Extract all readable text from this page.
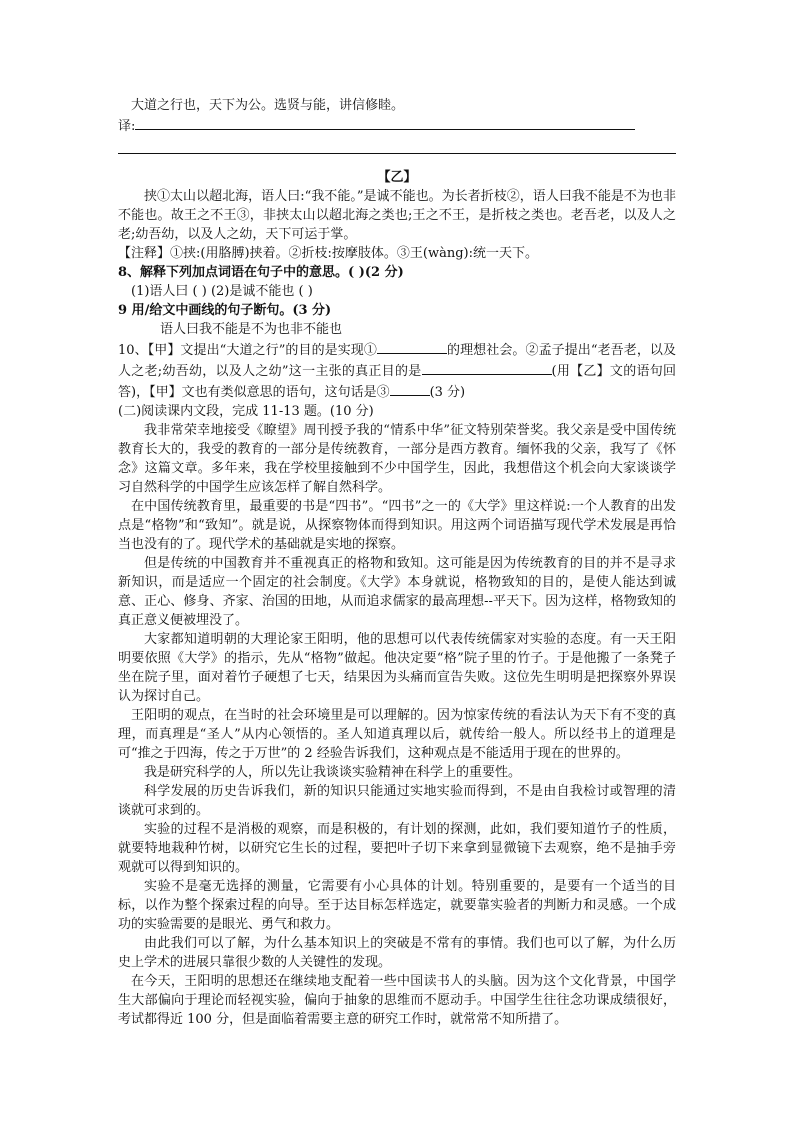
大道之行也，天下为公。选贤与能，讲信修睦。

译:

【乙】

挟①太山以超北海，语人曰:“我不能。”是诚不能也。为长者折枝②，语人曰我不能是不为也非不能也。故王之不王③，非挟太山以超北海之类也;王之不王，是折枝之类也。老吾老，以及人之老;幼吾幼，以及人之幼，天下可运于掌。

【注释】①挟:(用胳膊)挟着。②折枝:按摩肢体。③王(wàng):统一天下。

8、解释下列加点词语在句子中的意思。( )(2 分)

(1)语人曰 ( ) (2)是诚不能也 ( )

9 用/给文中画线的句子断句。(3 分)

语人曰我不能是不为也非不能也

10、【甲】文提出“大道之行”的目的是实现①	的理想社会。②孟子提出“老吾老，以及人之老;幼吾幼，以及人之幼”这一主张的真正目的是	(用【乙】文的语句回答)，【甲】文也有类似意思的语句，这句话是③	(3 分)

(二)阅读课内文段，完成 11-13 题。(10 分)

我非常荣幸地接受《瞭望》周刊授予我的“情系中华”征文特别荣誉奖。我父亲是受中国传统教育长大的，我受的教育的一部分是传统教育，一部分是西方教育。缅怀我的父亲，我写了《怀念》这篇文章。多年来，我在学校里接触到不少中国学生，因此，我想借这个机会向大家谈谈学习自然科学的中国学生应该怎样了解自然科学。

在中国传统教育里，最重要的书是“四书”。“四书”之一的《大学》里这样说:一个人教育的出发点是“格物”和“致知”。就是说，从探察物体而得到知识。用这两个词语描写现代学术发展是再恰当也没有的了。现代学术的基础就是实地的探察。

但是传统的中国教育并不重视真正的格物和致知。这可能是因为传统教育的目的并不是寻求新知识，而是适应一个固定的社会制度。《大学》本身就说，格物致知的目的，是使人能达到诚意、正心、修身、齐家、治国的田地，从而追求儒家的最高理想--平天下。因为这样，格物致知的真正意义便被埋没了。

大家都知道明朝的大理论家王阳明，他的思想可以代表传统儒家对实验的态度。有一天王阳明要依照《大学》的指示，先从“格物”做起。他决定要“格”院子里的竹子。于是他搬了一条凳子坐在院子里，面对着竹子硬想了七天，结果因为头痛而宣告失败。这位先生明明是把探察外界误认为探讨自己。

王阳明的观点，在当时的社会环境里是可以理解的。因为惊家传统的看法认为天下有不变的真理，而真理是“圣人”从内心领悟的。圣人知道真理以后，就传给一般人。所以经书上的道理是可“推之于四海，传之于万世”的 2 经验告诉我们，这种观点是不能适用于现在的世界的。

我是研究科学的人，所以先让我谈谈实验精神在科学上的重要性。

科学发展的历史告诉我们，新的知识只能通过实地实验而得到，不是由自我检讨或智理的清谈就可求到的。

实验的过程不是消极的观察，而是积极的，有计划的探测，此如，我们要知道竹子的性质，就要特地栽种竹树，以研究它生长的过程，要把叶子切下来拿到显微镜下去观察，绝不是抽手旁观就可以得到知识的。

实验不是毫无选择的测量，它需要有小心具体的计划。特别重要的，是要有一个适当的目标，以作为整个探索过程的向导。至于达目标怎样选定，就要靠实验者的判断力和灵感。一个成功的实验需要的是眼光、勇气和救力。

由此我们可以了解，为什么基本知识上的突破是不常有的事情。我们也可以了解，为什么历史上学术的进展只靠很少数的人关键性的发现。

在今天，王阳明的思想还在继续地支配着一些中国读书人的头脑。因为这个文化背景，中国学生大部偏向于理论而轻视实验，偏向于抽象的思维而不愿动手。中国学生往往念功课成绩很好，考试都得近 100 分，但是面临着需要主意的研究工作时，就常常不知所措了。
